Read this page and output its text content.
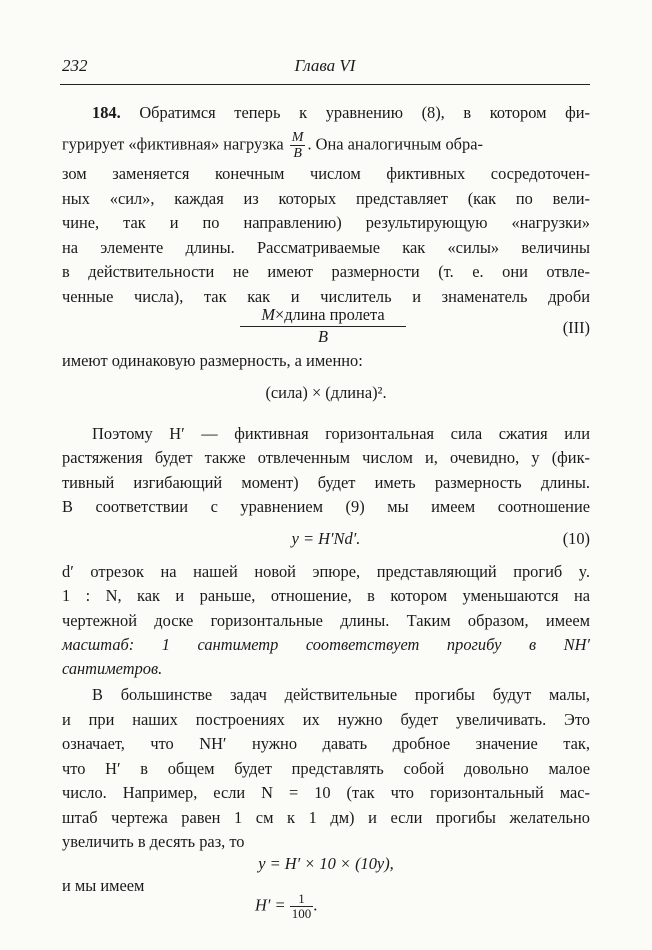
232	Глава VI
184. Обратимся теперь к уравнению (8), в котором фи-
гурирует «фиктивная» нагрузка $\frac{M}{B}$ . Она аналогичным обра-
зом заменяется конечным числом фиктивных сосредоточен-
ных «сил», каждая из которых представляет (как по вели-
чине, так и по направлению) результирующую «нагрузки»
на элементе длины. Рассматриваемые как «силы» величины
в действительности не имеют размерности (т. е. они отвле-
ченные числа), так как и числитель и знаменатель дроби
M×длина пролета
B	(III)
имеют одинаковую размерность, а именно:
(сила) × (длина)².
Поэтому H′ — фиктивная горизонтальная сила сжатия или
растяжения будет также отвлеченным числом и, очевидно, y (фик-
тивный изгибающий момент) будет иметь размерность длины.
В соответствии с уравнением (9) мы имеем соотношение
y = H′Nd′.	(10)
d′ отрезок на нашей новой эпюре, представляющий прогиб y.
1 : N, как и раньше, отношение, в котором уменьшаются на
чертежной доске горизонтальные длины. Таким образом, имеем
масштаб: 1 сантиметр соответствует прогибу в NH′
сантиметров.
В большинстве задач действительные прогибы будут малы,
и при наших построениях их нужно будет увеличивать. Это
означает, что NH′ нужно давать дробное значение так,
что H′ в общем будет представлять собой довольно малое
число. Например, если N = 10 (так что горизонтальный мас-
штаб чертежа равен 1 см к 1 дм) и если прогибы желательно
увеличить в десять раз, то
y = H′ × 10 × (10y),
и мы имеем
$H' = \frac{1}{100}$ .
